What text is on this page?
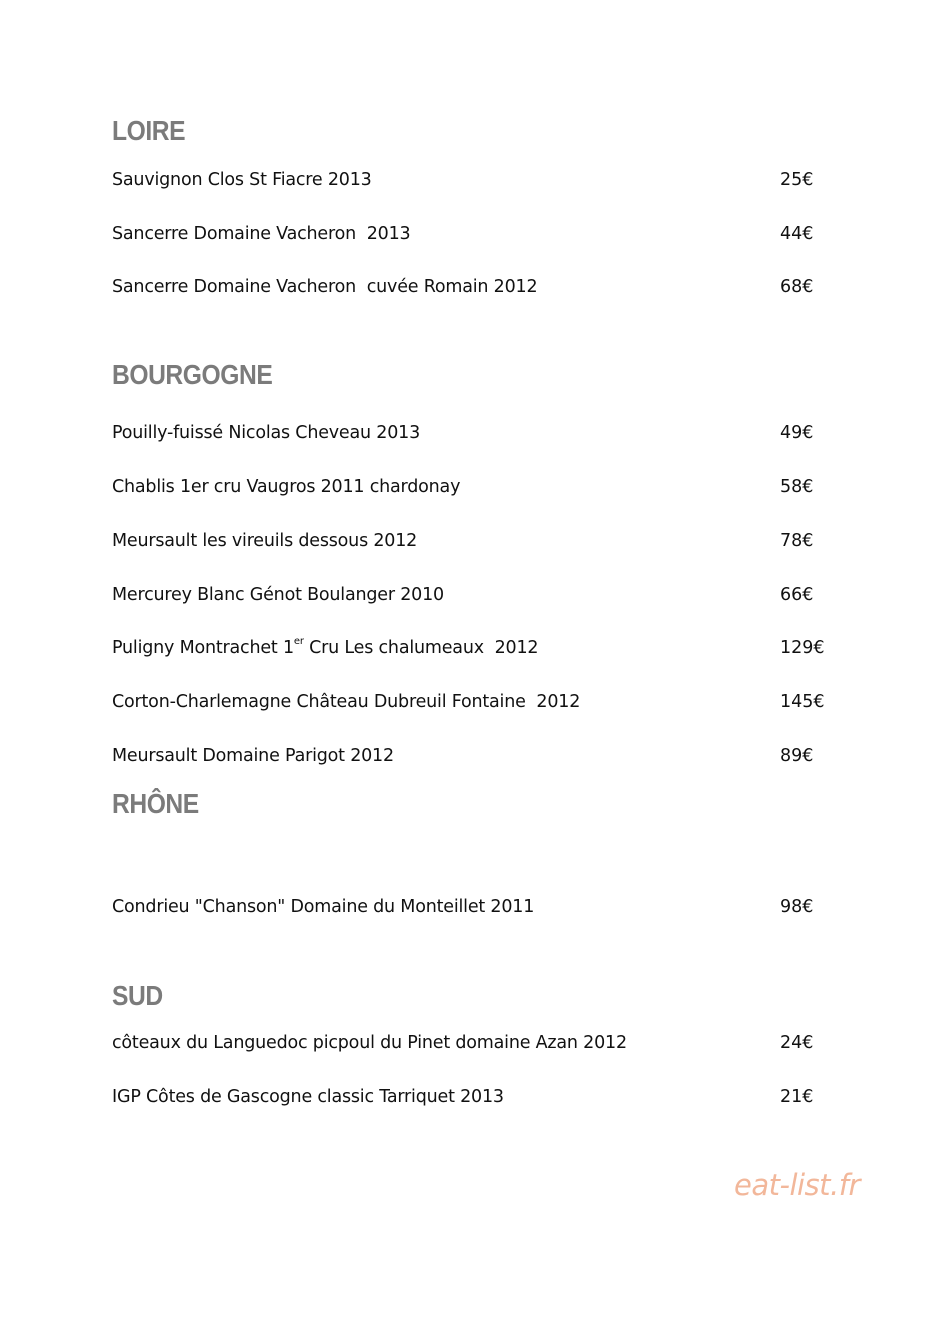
LOIRE
Sauvignon Clos St Fiacre 2013	25€
Sancerre Domaine Vacheron  2013	44€
Sancerre Domaine Vacheron  cuvée Romain 2012	68€
BOURGOGNE
Pouilly-fuissé Nicolas Cheveau 2013	49€
Chablis 1er cru Vaugros 2011 chardonay	58€
Meursault les vireuils dessous 2012	78€
Mercurey Blanc Génot Boulanger 2010	66€
Puligny Montrachet 1er Cru Les chalumeaux  2012	129€
Corton-Charlemagne Château Dubreuil Fontaine  2012	145€
Meursault Domaine Parigot 2012	89€
RHÔNE
Condrieu "Chanson" Domaine du Monteillet 2011	98€
SUD
côteaux du Languedoc picpoul du Pinet domaine Azan 2012	24€
IGP Côtes de Gascogne classic Tarriquet 2013	21€
eat-list.fr
